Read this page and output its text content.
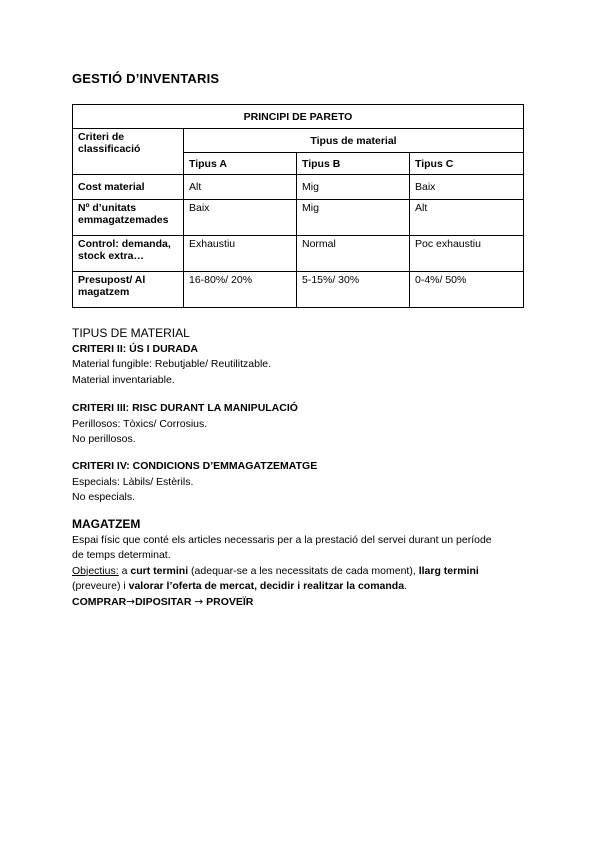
GESTIÓ D’INVENTARIS
PRINCIPI DE PARETO			
Criteri de classificació	Tipus de material		
	Tipus A	Tipus B	Tipus C
Cost material	Alt	Mig	Baix
Nº d’unitats emmagatzemades	Baix	Mig	Alt
Control: demanda, stock extra…	Exhaustiu	Normal	Poc exhaustiu
Presupost/ Al magatzem	16-80%/ 20%	5-15%/ 30%	0-4%/ 50%
TIPUS DE MATERIAL
CRITERI II: ÚS I DURADA
Material fungible: Rebutjable/ Reutilitzable.
Material inventariable.
CRITERI III: RISC DURANT LA MANIPULACIÓ
Perillosos: Tòxics/ Corrosius.
No perillosos.
CRITERI IV: CONDICIONS D’EMMAGATZEMATGE
Especials: Làbils/ Estèrils.
No especials.
MAGATZEM
Espai físic que conté els articles necessaris per a la prestació del servei durant un període
de temps determinat.
Objectius: a curt termini (adequar-se a les necessitats de cada moment), llarg termini
(preveure) i valorar l’oferta de mercat, decidir i realitzar la comanda.
COMPRAR→DIPOSITAR → PROVEÏR
